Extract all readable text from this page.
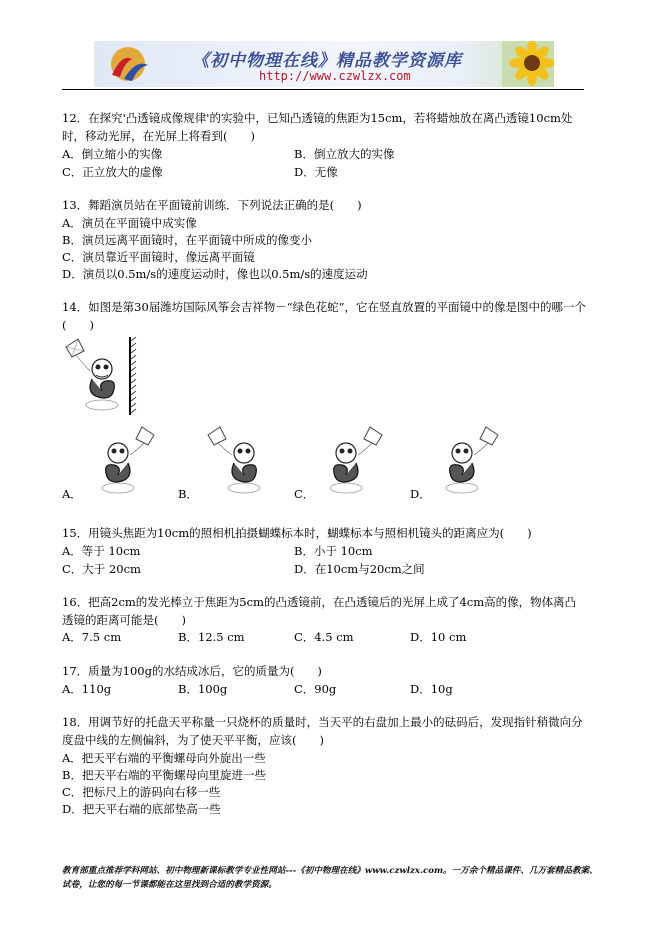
《初中物理在线》精品教学资源库
http://www.czwlzx.com
12．在探究'凸透镜成像规律'的实验中，已知凸透镜的焦距为15cm，若将蜡烛放在离凸透镜10cm处时，移动光屏，在光屏上将看到(　　)
A．倒立缩小的实像	B．倒立放大的实像
C．正立放大的虚像	D．无像
13．舞蹈演员站在平面镜前训练．下列说法正确的是(　　)
A．演员在平面镜中成实像
B．演员远离平面镜时，在平面镜中所成的像变小
C．演员靠近平面镜时，像远离平面镜
D．演员以0.5m/s的速度运动时，像也以0.5m/s的速度运动
14．如图是第30届潍坊国际风筝会吉祥物－“绿色花蛇”，它在竖直放置的平面镜中的像是图中的哪一个(　　)
A．	B．	C．	D．
15．用镜头焦距为10cm的照相机拍摄蝴蝶标本时，蝴蝶标本与照相机镜头的距离应为(　　)
A．等于 10cm	B．小于 10cm
C．大于 20cm	D．在10cm与20cm之间
16．把高2cm的发光棒立于焦距为5cm的凸透镜前，在凸透镜后的光屏上成了4cm高的像，物体离凸透镜的距离可能是(　　)
A．7.5 cm	B．12.5 cm	C．4.5 cm	D．10 cm
17．质量为100g的水结成冰后，它的质量为(　　)
A．110g	B．100g	C．90g	D．10g
18．用调节好的托盘天平称量一只烧杯的质量时，当天平的右盘加上最小的砝码后，发现指针稍微向分度盘中线的左侧偏斜，为了使天平平衡，应该(　　)
A．把天平右端的平衡螺母向外旋出一些
B．把天平右端的平衡螺母向里旋进一些
C．把标尺上的游码向右移一些
D．把天平右端的底部垫高一些
教育部重点推荐学科网站、初中物理新课标教学专业性网站---《初中物理在线》www.czwlzx.com。一万余个精品课件、几万套精品教案、试卷，让您的每一节课都能在这里找到合适的教学资源。
